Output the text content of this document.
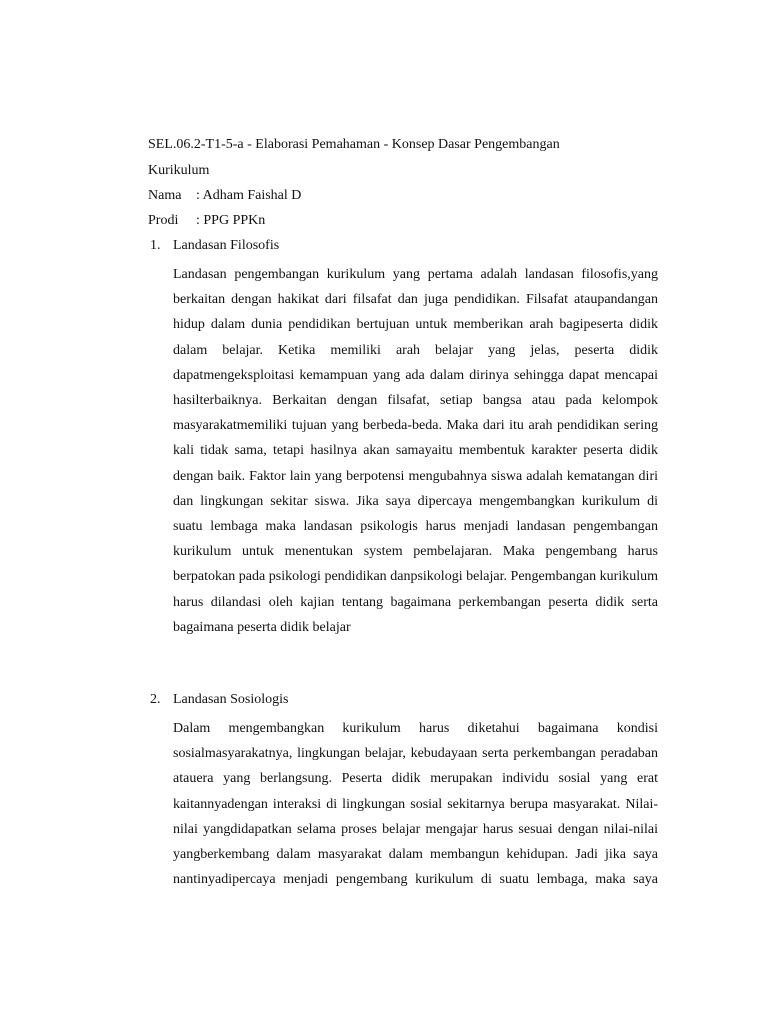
SEL.06.2-T1-5-a - Elaborasi Pemahaman - Konsep Dasar Pengembangan
Kurikulum
Nama : Adham Faishal D
Prodi : PPG PPKn
1. Landasan Filosofis
Landasan pengembangan kurikulum yang pertama adalah landasan filosofis,yang berkaitan dengan hakikat dari filsafat dan juga pendidikan. Filsafat ataupandangan hidup dalam dunia pendidikan bertujuan untuk memberikan arah bagipeserta didik dalam belajar. Ketika memiliki arah belajar yang jelas, peserta didik dapatmengeksploitasi kemampuan yang ada dalam dirinya sehingga dapat mencapai hasilterbaiknya. Berkaitan dengan filsafat, setiap bangsa atau pada kelompok masyarakatmemiliki tujuan yang berbeda-beda. Maka dari itu arah pendidikan sering kali tidak sama, tetapi hasilnya akan samayaitu membentuk karakter peserta didik dengan baik. Faktor lain yang berpotensi mengubahnya siswa adalah kematangan diri dan lingkungan sekitar siswa. Jika saya dipercaya mengembangkan kurikulum di suatu lembaga maka landasan psikologis harus menjadi landasan pengembangan kurikulum untuk menentukan system pembelajaran. Maka pengembang harus berpatokan pada psikologi pendidikan danpsikologi belajar. Pengembangan kurikulum harus dilandasi oleh kajian tentang bagaimana perkembangan peserta didik serta bagaimana peserta didik belajar
2. Landasan Sosiologis
Dalam mengembangkan kurikulum harus diketahui bagaimana kondisi sosialmasyarakatnya, lingkungan belajar, kebudayaan serta perkembangan peradaban atauera yang berlangsung. Peserta didik merupakan individu sosial yang erat kaitannyadengan interaksi di lingkungan sosial sekitarnya berupa masyarakat. Nilai-nilai yangdidapatkan selama proses belajar mengajar harus sesuai dengan nilai-nilai yangberkembang dalam masyarakat dalam membangun kehidupan. Jadi jika saya nantinyadipercaya menjadi pengembang kurikulum di suatu lembaga, maka saya
